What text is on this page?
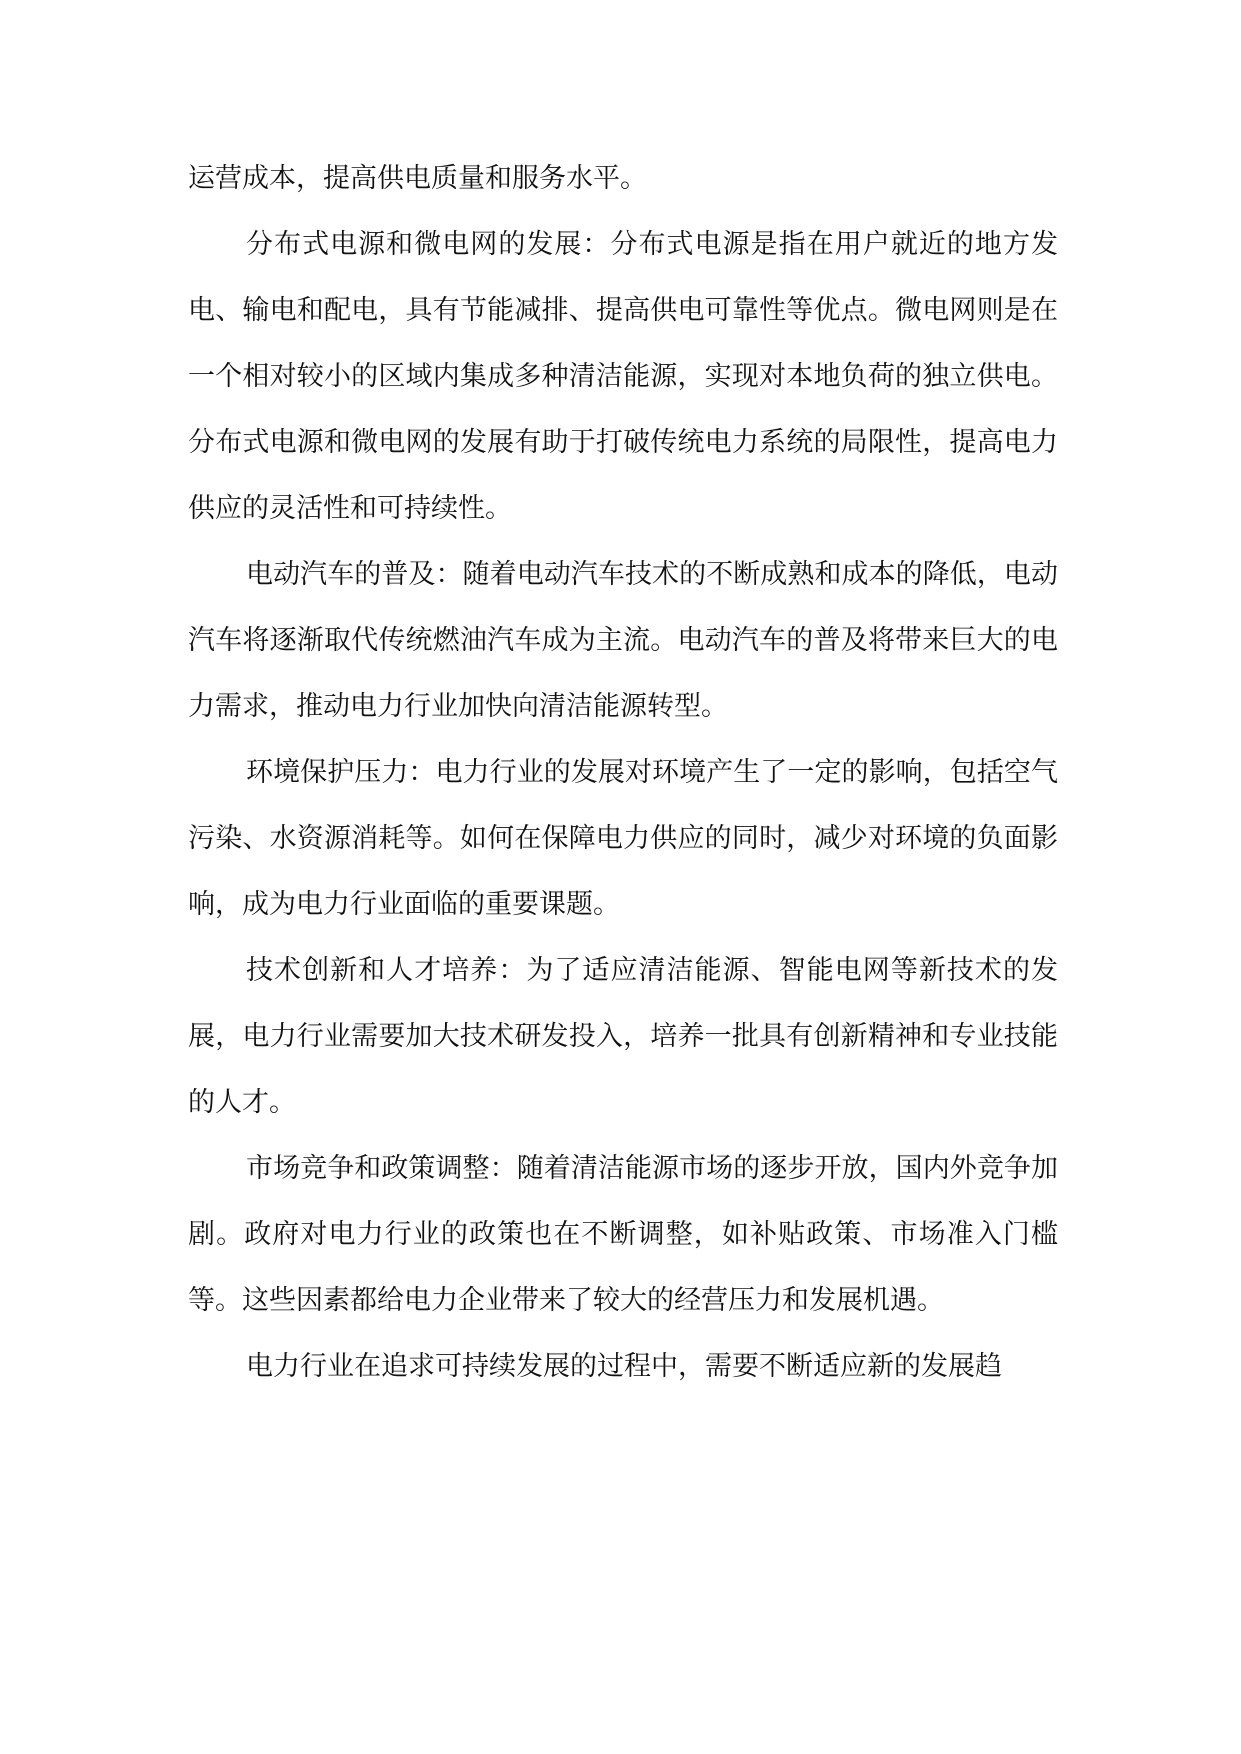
运营成本，提高供电质量和服务水平。

分布式电源和微电网的发展：分布式电源是指在用户就近的地方发电、输电和配电，具有节能减排、提高供电可靠性等优点。微电网则是在一个相对较小的区域内集成多种清洁能源，实现对本地负荷的独立供电。分布式电源和微电网的发展有助于打破传统电力系统的局限性，提高电力供应的灵活性和可持续性。

电动汽车的普及：随着电动汽车技术的不断成熟和成本的降低，电动汽车将逐渐取代传统燃油汽车成为主流。电动汽车的普及将带来巨大的电力需求，推动电力行业加快向清洁能源转型。

环境保护压力：电力行业的发展对环境产生了一定的影响，包括空气污染、水资源消耗等。如何在保障电力供应的同时，减少对环境的负面影响，成为电力行业面临的重要课题。

技术创新和人才培养：为了适应清洁能源、智能电网等新技术的发展，电力行业需要加大技术研发投入，培养一批具有创新精神和专业技能的人才。

市场竞争和政策调整：随着清洁能源市场的逐步开放，国内外竞争加剧。政府对电力行业的政策也在不断调整，如补贴政策、市场准入门槛等。这些因素都给电力企业带来了较大的经营压力和发展机遇。

电力行业在追求可持续发展的过程中，需要不断适应新的发展趋
